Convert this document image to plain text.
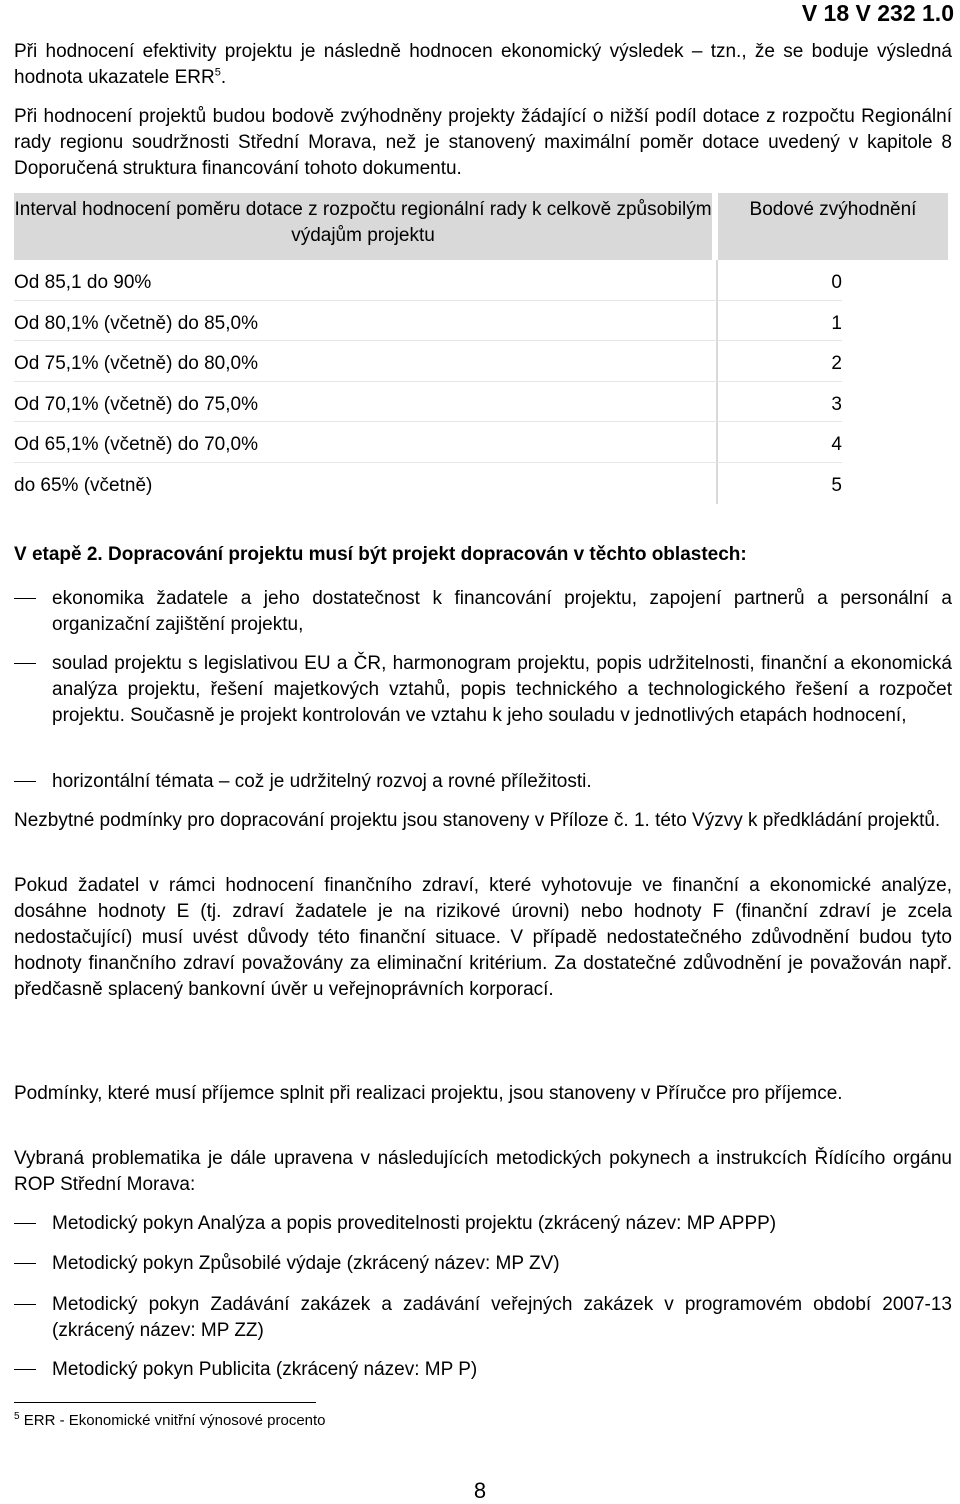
V 18 V 232 1.0

Při hodnocení efektivity projektu je následně hodnocen ekonomický výsledek – tzn., že se boduje výsledná hodnota ukazatele ERR$^5$.

Při hodnocení projektů budou bodově zvýhodněny projekty žádající o nižší podíl dotace z rozpočtu Regionální rady regionu soudržnosti Střední Morava, než je stanovený maximální poměr dotace uvedený v kapitole 8 Doporučená struktura financování tohoto dokumentu.

Interval hodnocení poměru dotace z rozpočtu regionální rady k celkově způsobilým výdajům projektu
Bodové zvýhodnění
Od 85,1 do 90%	0
Od 80,1% (včetně) do 85,0%	1
Od 75,1% (včetně) do 80,0%	2
Od 70,1% (včetně) do 75,0%	3
Od 65,1% (včetně) do 70,0%	4
do 65% (včetně)	5
V etapě 2. Dopracování projektu musí být projekt dopracován v těchto oblastech:
ekonomika žadatele a jeho dostatečnost k financování projektu, zapojení partnerů a personální a organizační zajištění projektu,
soulad projektu s legislativou EU a ČR, harmonogram projektu, popis udržitelnosti, finanční a ekonomická analýza projektu, řešení majetkových vztahů, popis technického a technologického řešení a rozpočet projektu. Současně je projekt kontrolován ve vztahu k jeho souladu v jednotlivých etapách hodnocení,
horizontální témata – což je udržitelný rozvoj a rovné příležitosti.

Nezbytné podmínky pro dopracování projektu jsou stanoveny v Příloze č. 1. této Výzvy k předkládání projektů.

Pokud žadatel v rámci hodnocení finančního zdraví, které vyhotovuje ve finanční a ekonomické analýze, dosáhne hodnoty E (tj. zdraví žadatele je na rizikové úrovni) nebo hodnoty F (finanční zdraví je zcela nedostačující) musí uvést důvody této finanční situace. V případě nedostatečného zdůvodnění budou tyto hodnoty finančního zdraví považovány za eliminační kritérium. Za dostatečné zdůvodnění je považován např. předčasně splacený bankovní úvěr u veřejnoprávních korporací.

Podmínky, které musí příjemce splnit při realizaci projektu, jsou stanoveny v Příručce pro příjemce.

Vybraná problematika je dále upravena v následujících metodických pokynech a instrukcích Řídícího orgánu ROP Střední Morava:

Metodický pokyn Analýza a popis proveditelnosti projektu (zkrácený název: MP APPP)
Metodický pokyn Způsobilé výdaje (zkrácený název: MP ZV)
Metodický pokyn Zadávání zakázek a zadávání veřejných zakázek v programovém období 2007-13 (zkrácený název: MP ZZ)
Metodický pokyn Publicita (zkrácený název: MP P)
$^5$ ERR - Ekonomické vnitřní výnosové procento
8
